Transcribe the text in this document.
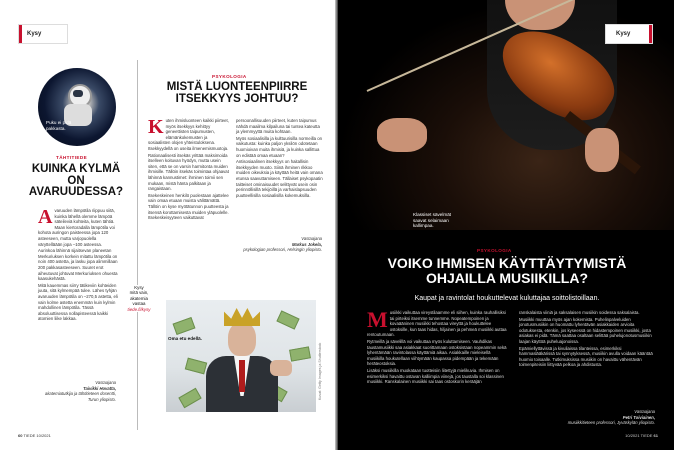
Kysy
Puku ei pidä pakkasta.
TÄHTITIEDE
KUINKA KYLMÄ ON AVARUUDESSA?
A varuuden lämpötila riippuu siitä, kuinka lähellä olemme lämpöä säteileviä kohteita, kuten tähtiä. Maan kiertoradalla lämpötila voi kohota auringon paisteessa jopa 120 asteeseen, mutta varjopuolella väryttelläään jopa –100 asteessa.

Aurinkoa lähinnä sijaitsevan planeetan Merkuriuksen korkein mitattu lämpötila on noin 400 astetta, ja lasku jopa alimmillaan 200 pakkasasteeseen. Suuret erot aiheutuvat johtuvat Merkuriuksen ohuesta kaasukehästä.

Mitä kauemmas siirry tätikeviin kohteiden juuta, sitä kylmempää tulee. Lähes tyhjän avaruuden lämpötila on –270,5 astetta, eli vain kolme astetta enemmän kuin kylmin mahdollinen lämpötila. Tässä absoluuttisessa nollapisteessä kaikki atomien liike lakkaa.

Vastaajana
Taivikki Hovatta,
akatemiatutkija ja tähtitieteen dosentti, Turun yliopisto.
PSYKOLOGIA
MISTÄ LUONTEENPIIRRE ITSEKKYYS JOHTUU?
K uten ihmisluonteen kaikki piirteet, myös itsekkyys kehittyy geneettisten taipumusten, elämänkokemusten ja sosiaalisten olojen yhteistuloksena. Itsekkyydellä on useita ilmenemismuotoja.

Rationaalisesti itsekäs yrittää maksimoida itselleen koituvan hyödyn, mutta usein siten, että se on varsin harmitonta muiden ihmisille. Tällöin itsekäs toimintaa ohjaavat lähinnä kannustimet: ihminen toimii sen mukaan, mistä hänta palkitaan ja rangaistaan.

Itsekeskeinen henkilö puolestaan ajattelee vain omaa etuaan muista välittämättä. Tällöin on kyse myötätunnon puutteesta ja itsensä korottamisesta muiden yläpuolelle. Itsekeskeisyyteen vaikuttavat

persoonallisuuden piirteet, kuten taipumus nähdä maailma kilpailuna tai tuntea kateutta ja ylemmyyttä muita kohtaan.

Myös sosiaalisilla ja kulttuurisilla normeilla on vaikutusta: kuinka paljon yksilön odotetaan huomioivan muita ihmisiä, ja kuinka sallittua on edistää omaa etuaan?

Antisosiaalinen itsekkyys on haitallisin itsekkyyden muoto. Siinä ihminen rikkoo muiden oikeuksia ja käyttää heitä vain omana etunsa saavuttamiseen. Tällaiset psykopaatin taitteiset ominaisuudet selittyvät usein osin perinnöllisillä tekijöillä ja varhaislapsuuden puutteellisilla sosiaalisilla kokemuksilla.

Vastaajana
Markus Jokela,
psykologian professori, Helsingin yliopisto.
Kysy
mitä vain,
akatemia
vastaa
tiede.fi/kysy
Oma etu edellä.
Kuvat: Getty Images ja Shutterstock
60 TIEDE 10/2021
Kysy
Klassiset sävelmät saavat selaimaan kallimpaa.
PSYKOLOGIA
VOIKO IHMISEN KÄYTTÄYTYMISTÄ OHJAILLA MUSIIKILLA?
Kaupat ja ravintolat houkuttelevat kuluttajaa soittolistoillaan.
M usiikki vaikuttaa vireystilaamme eli siihen, kuinka rauhallisiksi tai pirteiksi itsemme tunnemme. Nopeatempoinen ja kovaääninen musiikki tehostaa vireyttä ja houkuttelee ostoksille, kun taas hidas, hiljainen ja pehmeä musiikki auttaa rentoutumaan.

Rytmeillä ja sävelillä voi vaikuttaa myös kuluttamiseen. Vauhdikas taustamusiikki saa asiakkaat suorittamaan ostoksistaan nopeammin sekä lyhentämään ravintolassa käyttämiä aikaa. Asiakkaille mieleisellä musiikilla houkutellaan viihtymään kaupassa pidempään ja tekemään heräteostoksia.

Lisäksi musiikilla muokataan tuotteisiin liitettyjä mielikuvia. Ihmisen on esimerkiksi havaittu ostavan kalliimpia viinejä, jos taustalla soi klassinen musiikki. Ranskalainen musiikki sai taas ostoskorin kerääjän

ranskalaista viiniä ja saksalaisen musiikin soidessa saksalaista.

Musiikki muuttaa myös ajan kokemista. Puhelinpalveluiden jonotusmusiikin on huomattu lyhentävän asiakkaiden arvioita odotuksesta, etenkin, jos kyseessä on hidastempoinen musiikki, josta asiakas ei pidä. Tämä saattaa osaltaan selittää puhelujonotusmusiikin laajan käyttöä puheluajonoissa.

Epämiellyttävissä ja kivuliaissa tilanteissa, esimerkiksi hammaslääkärissä tai synnytyksessä, musiikin avulla voidaan kääntää huomio toisaalle. Tutkimuksissa musiikin on havaittu vähentävän toimenpiteisiin liittyvää pelkoa ja ahdistusta.

Vastaajana
Petri Toiviainen,
musiikkitieteen professori, Jyväskylän yliopisto.
10/2021 TIEDE 61
